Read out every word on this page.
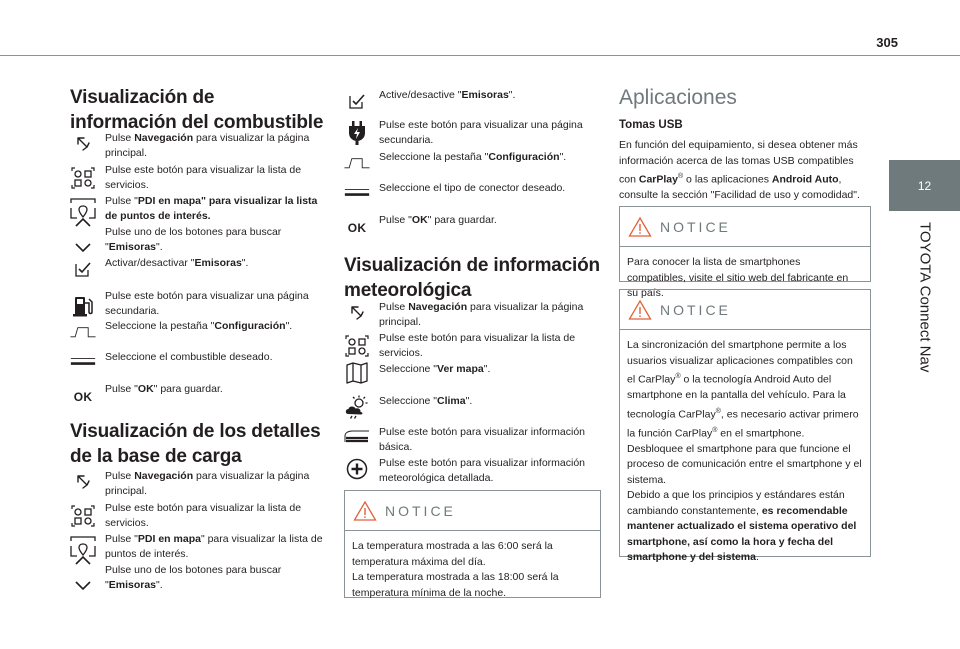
305
12
TOYOTA Connect Nav
Visualización de información del combustible
Pulse Navegación para visualizar la página principal.
Pulse este botón para visualizar la lista de servicios.
Pulse "PDI en mapa" para visualizar la lista de puntos de interés.
Pulse uno de los botones para buscar "Emisoras".
Activar/desactivar "Emisoras".
Pulse este botón para visualizar una página secundaria.
Seleccione la pestaña "Configuración".
Seleccione el combustible deseado.
OK
Pulse "OK" para guardar.
Visualización de los detalles de la base de carga
Pulse Navegación para visualizar la página principal.
Pulse este botón para visualizar la lista de servicios.
Pulse "PDI en mapa" para visualizar la lista de puntos de interés.
Pulse uno de los botones para buscar "Emisoras".
Active/desactive "Emisoras".
Pulse este botón para visualizar una página secundaria.
Seleccione la pestaña "Configuración".
Seleccione el tipo de conector deseado.
OK
Pulse "OK" para guardar.
Visualización de información meteorológica
Pulse Navegación para visualizar la página principal.
Pulse este botón para visualizar la lista de servicios.
Seleccione "Ver mapa".
Seleccione "Clima".
Pulse este botón para visualizar información básica.
Pulse este botón para visualizar información meteorológica detallada.
NOTICE
La temperatura mostrada a las 6:00 será la temperatura máxima del día.
La temperatura mostrada a las 18:00 será la temperatura mínima de la noche.
Aplicaciones
Tomas USB
En función del equipamiento, si desea obtener más información acerca de las tomas USB compatibles con CarPlay® o las aplicaciones Android Auto, consulte la sección "Facilidad de uso y comodidad".
NOTICE
Para conocer la lista de smartphones compatibles, visite el sitio web del fabricante en su país.
NOTICE
La sincronización del smartphone permite a los usuarios visualizar aplicaciones compatibles con el CarPlay® o la tecnología Android Auto del smartphone en la pantalla del vehículo. Para la tecnología CarPlay®, es necesario activar primero la función CarPlay® en el smartphone.
Desbloquee el smartphone para que funcione el proceso de comunicación entre el smartphone y el sistema.
Debido a que los principios y estándares están cambiando constantemente, es recomendable mantener actualizado el sistema operativo del smartphone, así como la hora y fecha del smartphone y del sistema.
